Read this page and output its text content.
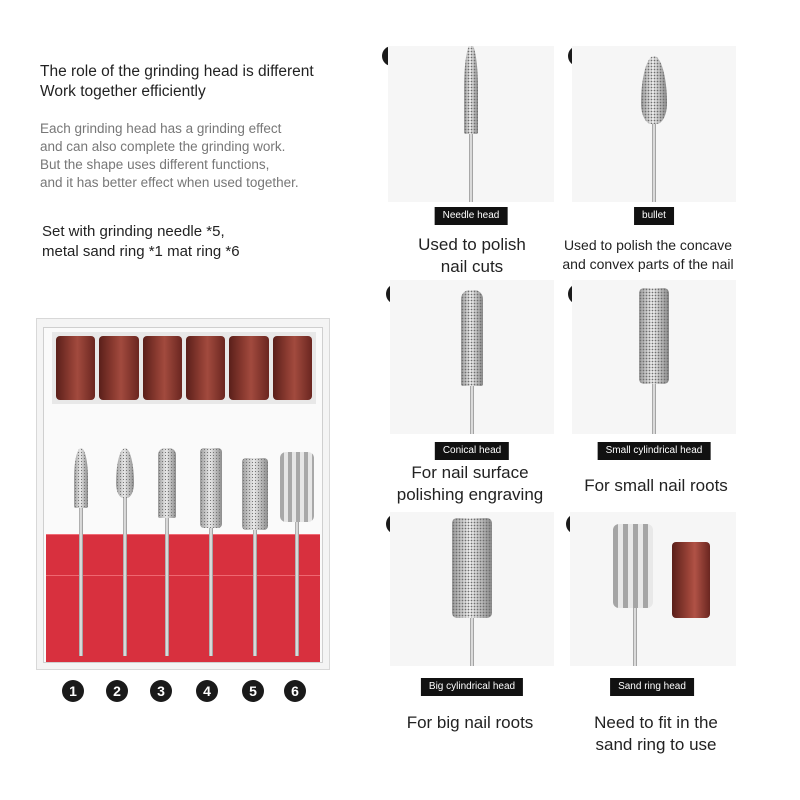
The role of the grinding head is different
Work together efficiently
Each grinding head has a grinding effect
and can also complete the grinding work.
But the shape uses different functions,
and it has better effect when used together.
Set with grinding needle *5,
metal sand ring *1 mat ring *6
1	2	3	4	5	6
Needle head
Used to polish
nail cuts
bullet
Used to polish the concave
and convex parts of the nail
Conical head
For nail surface
polishing engraving
Small cylindrical head
For small nail roots
Big cylindrical head
For big nail roots
Sand ring head
Need to fit in the
sand ring to use
